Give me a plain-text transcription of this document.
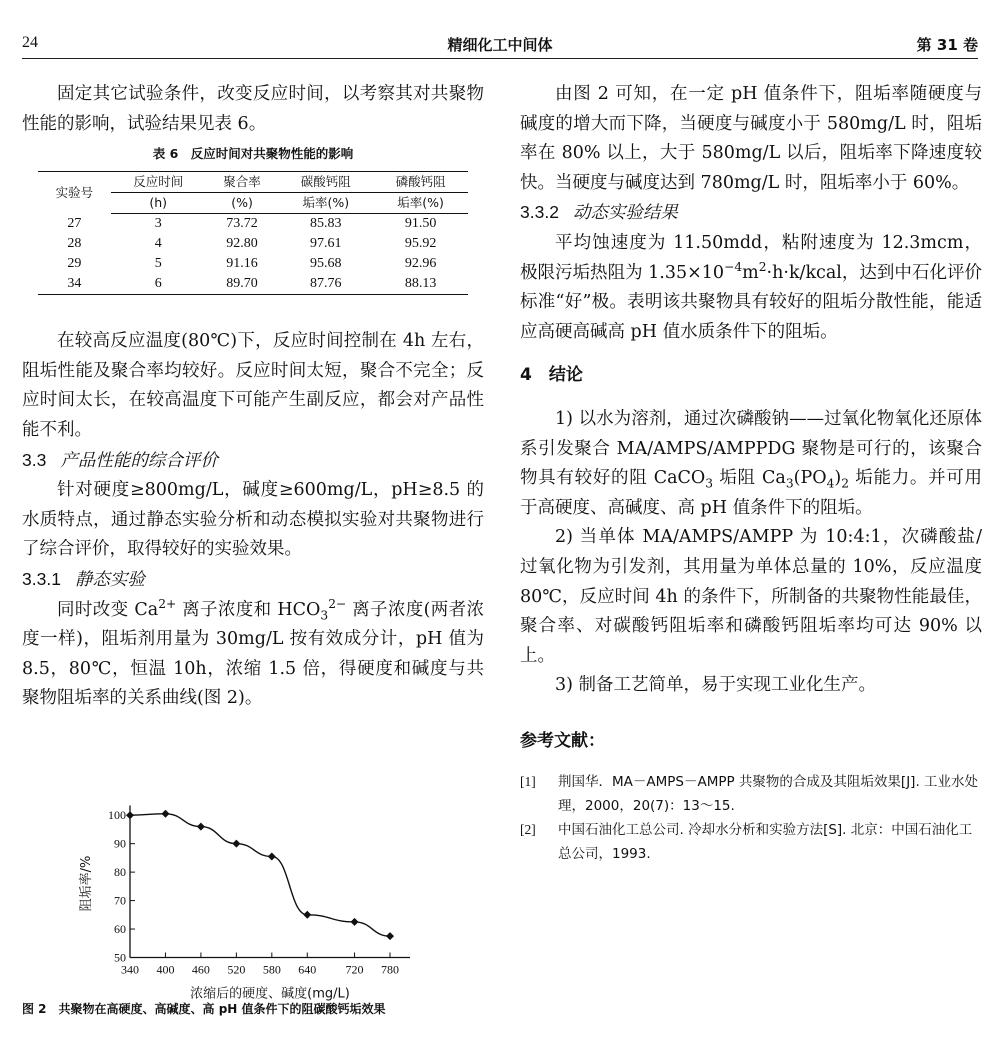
24	精细化工中间体	第 31 卷

固定其它试验条件，改变反应时间，以考察其对共聚物性能的影响，试验结果见表 6。

表 6　反应时间对共聚物性能的影响
实验号	反应时间	聚合率	碳酸钙阻	磷酸钙阻
	(h)	(%)	垢率(%)	垢率(%)
27	3	73.72	85.83	91.50
28	4	92.80	97.61	95.92
29	5	91.16	95.68	92.96
34	6	89.70	87.76	88.13

在较高反应温度(80℃)下，反应时间控制在 4h 左右，阻垢性能及聚合率均较好。反应时间太短，聚合不完全；反应时间太长，在较高温度下可能产生副反应，都会对产品性能不利。

3.3 产品性能的综合评价

针对硬度≥800mg/L，碱度≥600mg/L，pH≥8.5 的水质特点，通过静态实验分析和动态模拟实验对共聚物进行了综合评价，取得较好的实验效果。

3.3.1 静态实验

同时改变 $Ca^{2+}$ 离子浓度和 $HCO_3^{2-}$ 离子浓度(两者浓度一样)，阻垢剂用量为 30mg/L 按有效成分计，pH 值为 8.5，80℃，恒温 10h，浓缩 1.5 倍，得硬度和碱度与共聚物阻垢率的关系曲线(图 2)。

50
60
70
80
90
100
340 400 460 520 580 640 720 780
浓缩后的硬度、碱度(mg/L)
阻垢率/%
图 2　共聚物在高硬度、高碱度、高 pH 值条件下的阻碳酸钙垢效果

由图 2 可知，在一定 pH 值条件下，阻垢率随硬度与碱度的增大而下降，当硬度与碱度小于 580mg/L 时，阻垢率在 80% 以上，大于 580mg/L 以后，阻垢率下降速度较快。当硬度与碱度达到 780mg/L 时，阻垢率小于 60%。

3.3.2 动态实验结果

平均蚀速度为 11.50mdd，粘附速度为 12.3mcm，极限污垢热阻为 $1.35\times 10^{-4}m^2\cdot h\cdot k$/kcal，达到中石化评价标准“好”极。表明该共聚物具有较好的阻垢分散性能，能适应高硬高碱高 pH 值水质条件下的阻垢。

4　结论

1) 以水为溶剂，通过次磷酸钠——过氧化物氧化还原体系引发聚合 MA/AMPS/AMPPDG 聚物是可行的，该聚合物具有较好的阻 CaCO$_3$ 垢阻 $Ca_3(PO_4)_2$ 垢能力。并可用于高硬度、高碱度、高 pH 值条件下的阻垢。

2) 当单体 MA/AMPS/AMPP 为 10:4:1，次磷酸盐/过氧化物为引发剂，其用量为单体总量的 10%，反应温度 80℃，反应时间 4h 的条件下，所制备的共聚物性能最佳，聚合率、对碳酸钙阻垢率和磷酸钙阻垢率均可达 90% 以上。

3) 制备工艺简单，易于实现工业化生产。

参考文献：
[1]	荆国华．MA－AMPS－AMPP 共聚物的合成及其阻垢效果[J]. 工业水处理，2000，20(7)：13～15.
[2]	中国石油化工总公司. 冷却水分析和实验方法[S]. 北京：中国石油化工总公司，1993.
